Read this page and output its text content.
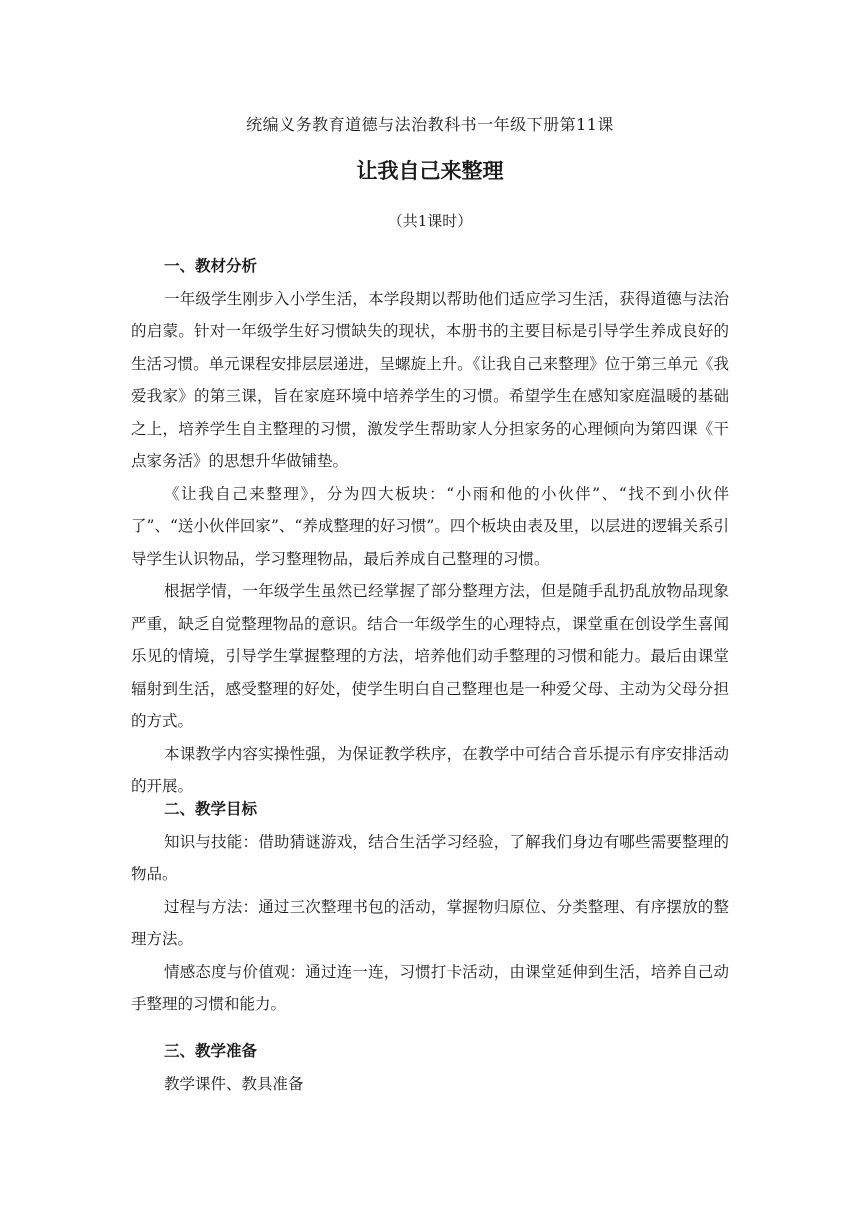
统编义务教育道德与法治教科书一年级下册第11课
让我自己来整理
（共1课时）
一、教材分析

一年级学生刚步入小学生活，本学段期以帮助他们适应学习生活，获得道德与法治的启蒙。针对一年级学生好习惯缺失的现状，本册书的主要目标是引导学生养成良好的生活习惯。单元课程安排层层递进，呈螺旋上升。《让我自己来整理》位于第三单元《我爱我家》的第三课，旨在家庭环境中培养学生的习惯。希望学生在感知家庭温暖的基础之上，培养学生自主整理的习惯，激发学生帮助家人分担家务的心理倾向为第四课《干点家务活》的思想升华做铺垫。

《让我自己来整理》，分为四大板块：“小雨和他的小伙伴”、“找不到小伙伴了”、“送小伙伴回家”、“养成整理的好习惯”。四个板块由表及里，以层进的逻辑关系引导学生认识物品，学习整理物品，最后养成自己整理的习惯。

根据学情，一年级学生虽然已经掌握了部分整理方法，但是随手乱扔乱放物品现象严重，缺乏自觉整理物品的意识。结合一年级学生的心理特点，课堂重在创设学生喜闻乐见的情境，引导学生掌握整理的方法，培养他们动手整理的习惯和能力。最后由课堂辐射到生活，感受整理的好处，使学生明白自己整理也是一种爱父母、主动为父母分担的方式。

本课教学内容实操性强，为保证教学秩序，在教学中可结合音乐提示有序安排活动的开展。

二、教学目标

知识与技能：借助猜谜游戏，结合生活学习经验，了解我们身边有哪些需要整理的物品。

过程与方法：通过三次整理书包的活动，掌握物归原位、分类整理、有序摆放的整理方法。

情感态度与价值观：通过连一连，习惯打卡活动，由课堂延伸到生活，培养自己动手整理的习惯和能力。

三、教学准备

教学课件、教具准备
